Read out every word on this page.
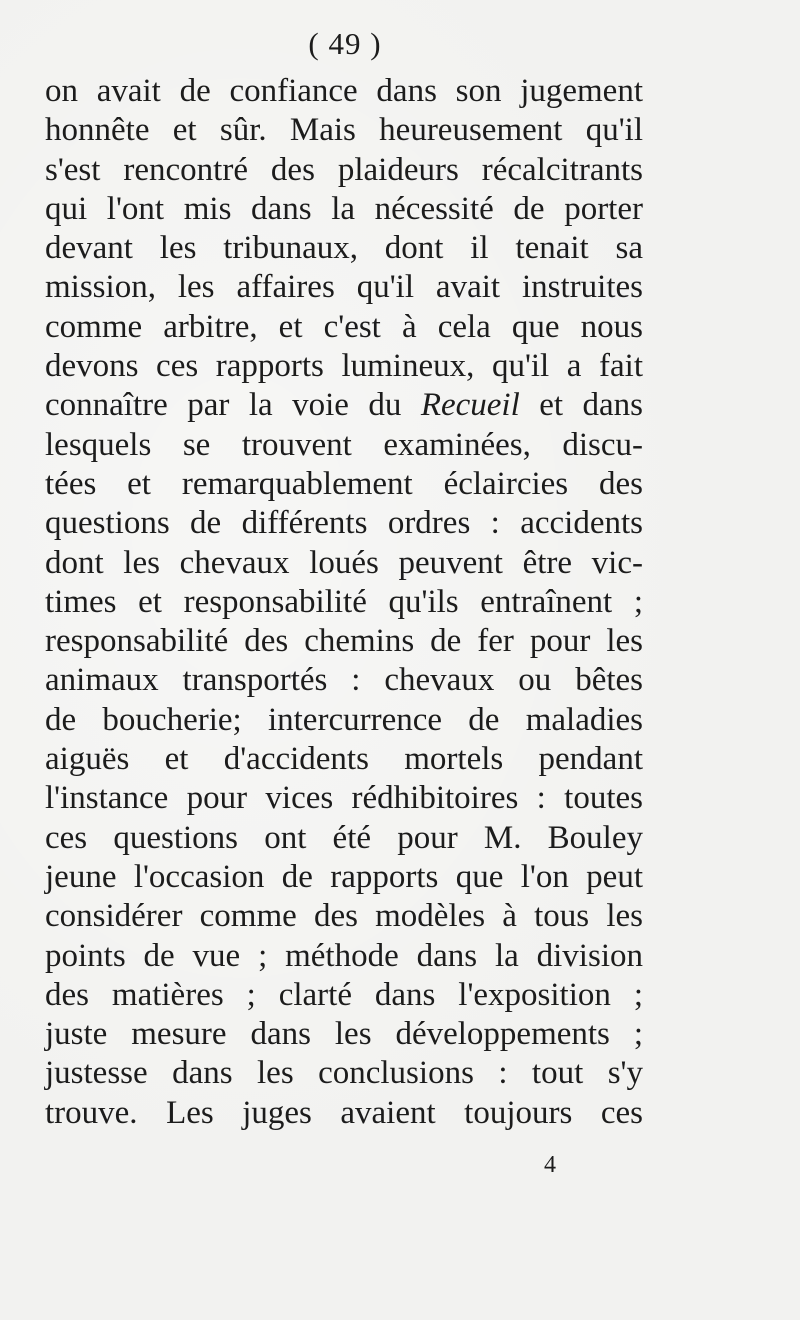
( 49 )
on avait de confiance dans son jugement
honnête et sûr. Mais heureusement qu'il
s'est rencontré des plaideurs récalcitrants
qui l'ont mis dans la nécessité de porter
devant les tribunaux, dont il tenait sa
mission, les affaires qu'il avait instruites
comme arbitre, et c'est à cela que nous
devons ces rapports lumineux, qu'il a fait
connaître par la voie du Recueil et dans
lesquels se trouvent examinées, discu-
tées et remarquablement éclaircies des
questions de différents ordres : accidents
dont les chevaux loués peuvent être vic-
times et responsabilité qu'ils entraînent ;
responsabilité des chemins de fer pour les
animaux transportés : chevaux ou bêtes
de boucherie; intercurrence de maladies
aiguës et d'accidents mortels pendant
l'instance pour vices rédhibitoires : toutes
ces questions ont été pour M. Bouley
jeune l'occasion de rapports que l'on peut
considérer comme des modèles à tous les
points de vue ; méthode dans la division
des matières ; clarté dans l'exposition ;
juste mesure dans les développements ;
justesse dans les conclusions : tout s'y
trouve. Les juges avaient toujours ces
4
